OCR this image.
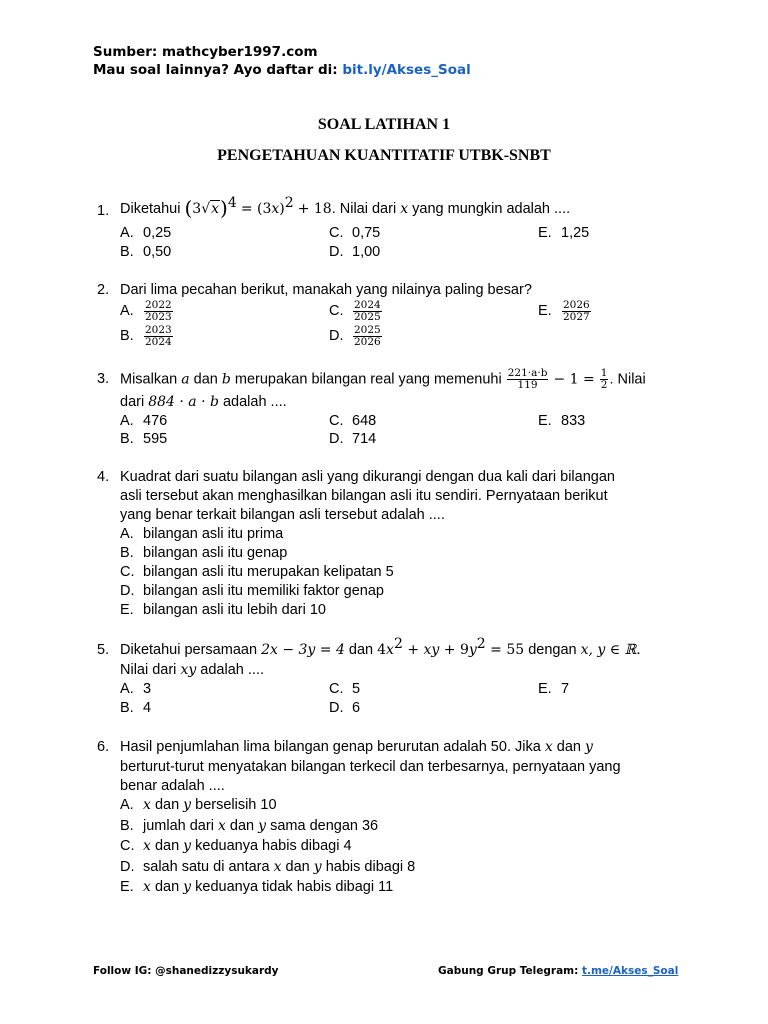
Sumber: mathcyber1997.com
Mau soal lainnya? Ayo daftar di: bit.ly/Akses_Soal
SOAL LATIHAN 1
PENGETAHUAN KUANTITATIF UTBK-SNBT
1. Diketahui $(3√x)^4 = (3x)^2 + 18$. Nilai dari x yang mungkin adalah ....
A. 0,25
B. 0,50
C. 0,75
D. 1,00
E. 1,25
2. Dari lima pecahan berikut, manakah yang nilainya paling besar?
A. $\frac{2022}{2023}$
B. $\frac{2023}{2024}$
C. $\frac{2024}{2025}$
D. $\frac{2025}{2026}$
E. $\frac{2026}{2027}$
3. Misalkan a dan b merupakan bilangan real yang memenuhi $\frac{221\cdot a\cdot b}{119} - 1 = \frac{1}{2}$ . Nilai
dari 884 · a · b adalah ....
A. 476
B. 595
C. 648
D. 714
E. 833
4. Kuadrat dari suatu bilangan asli yang dikurangi dengan dua kali dari bilangan
asli tersebut akan menghasilkan bilangan asli itu sendiri. Pernyataan berikut
yang benar terkait bilangan asli tersebut adalah ....
A. bilangan asli itu prima
B. bilangan asli itu genap
C. bilangan asli itu merupakan kelipatan 5
D. bilangan asli itu memiliki faktor genap
E. bilangan asli itu lebih dari 10
5. Diketahui persamaan 2x − 3y = 4 dan $4x^2$ + xy + $9y^2 = 55$ dengan x, y ∈ ℝ.
Nilai dari xy adalah ....
A. 3
B. 4
C. 5
D. 6
E. 7
6. Hasil penjumlahan lima bilangan genap berurutan adalah 50. Jika x dan y
berturut-turut menyatakan bilangan terkecil dan terbesarnya, pernyataan yang
benar adalah ....
A. x dan y berselisih 10
B. jumlah dari x dan y sama dengan 36
C. x dan y keduanya habis dibagi 4
D. salah satu di antara x dan y habis dibagi 8
E. x dan y keduanya tidak habis dibagi 11
Follow IG: @shanedizzysukardy	Gabung Grup Telegram: t.me/Akses_Soal
